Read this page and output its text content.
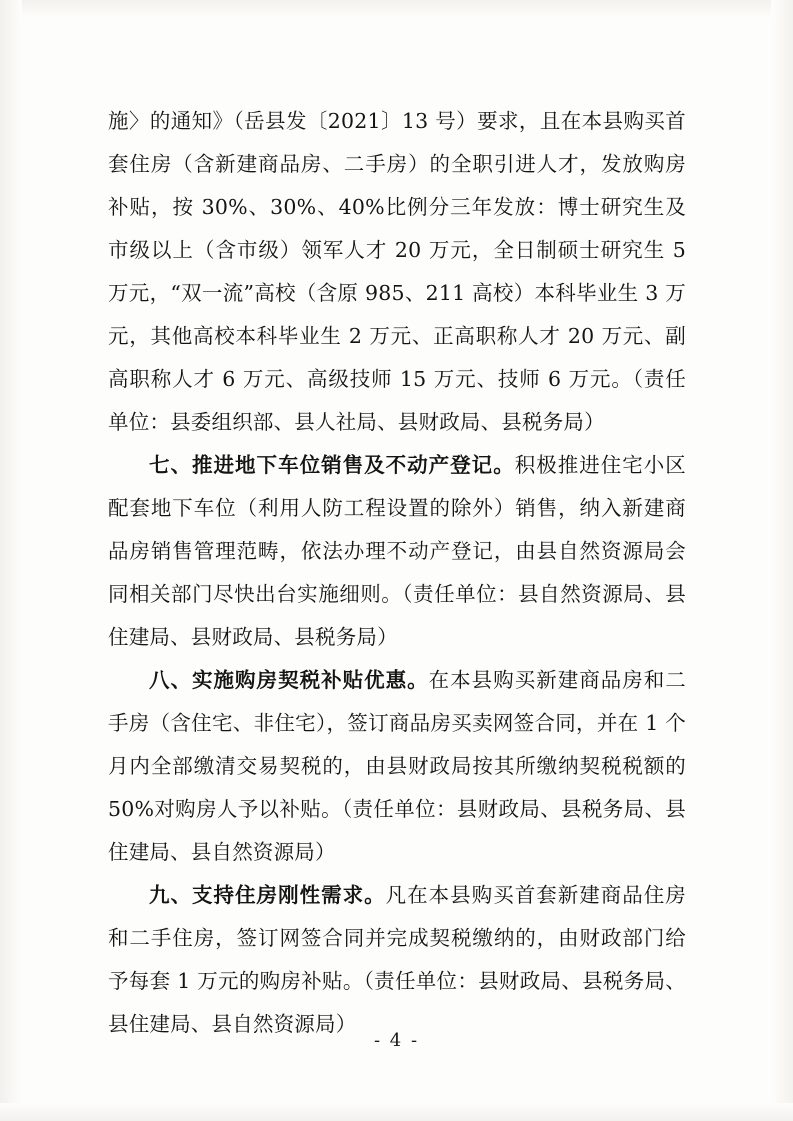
施〉的通知》（岳县发〔2021〕13 号）要求，且在本县购买首套住房（含新建商品房、二手房）的全职引进人才，发放购房补贴，按 30%、30%、40%比例分三年发放：博士研究生及市级以上（含市级）领军人才 20 万元，全日制硕士研究生 5 万元，“双一流”高校（含原 985、211 高校）本科毕业生 3 万元，其他高校本科毕业生 2 万元、正高职称人才 20 万元、副高职称人才 6 万元、高级技师 15 万元、技师 6 万元。（责任单位：县委组织部、县人社局、县财政局、县税务局）

七、推进地下车位销售及不动产登记。积极推进住宅小区配套地下车位（利用人防工程设置的除外）销售，纳入新建商品房销售管理范畴，依法办理不动产登记，由县自然资源局会同相关部门尽快出台实施细则。（责任单位：县自然资源局、县住建局、县财政局、县税务局）

八、实施购房契税补贴优惠。在本县购买新建商品房和二手房（含住宅、非住宅），签订商品房买卖网签合同，并在 1 个月内全部缴清交易契税的，由县财政局按其所缴纳契税税额的 50%对购房人予以补贴。（责任单位：县财政局、县税务局、县住建局、县自然资源局）

九、支持住房刚性需求。凡在本县购买首套新建商品住房和二手住房，签订网签合同并完成契税缴纳的，由财政部门给予每套 1 万元的购房补贴。（责任单位：县财政局、县税务局、县住建局、县自然资源局）

- 4 -
